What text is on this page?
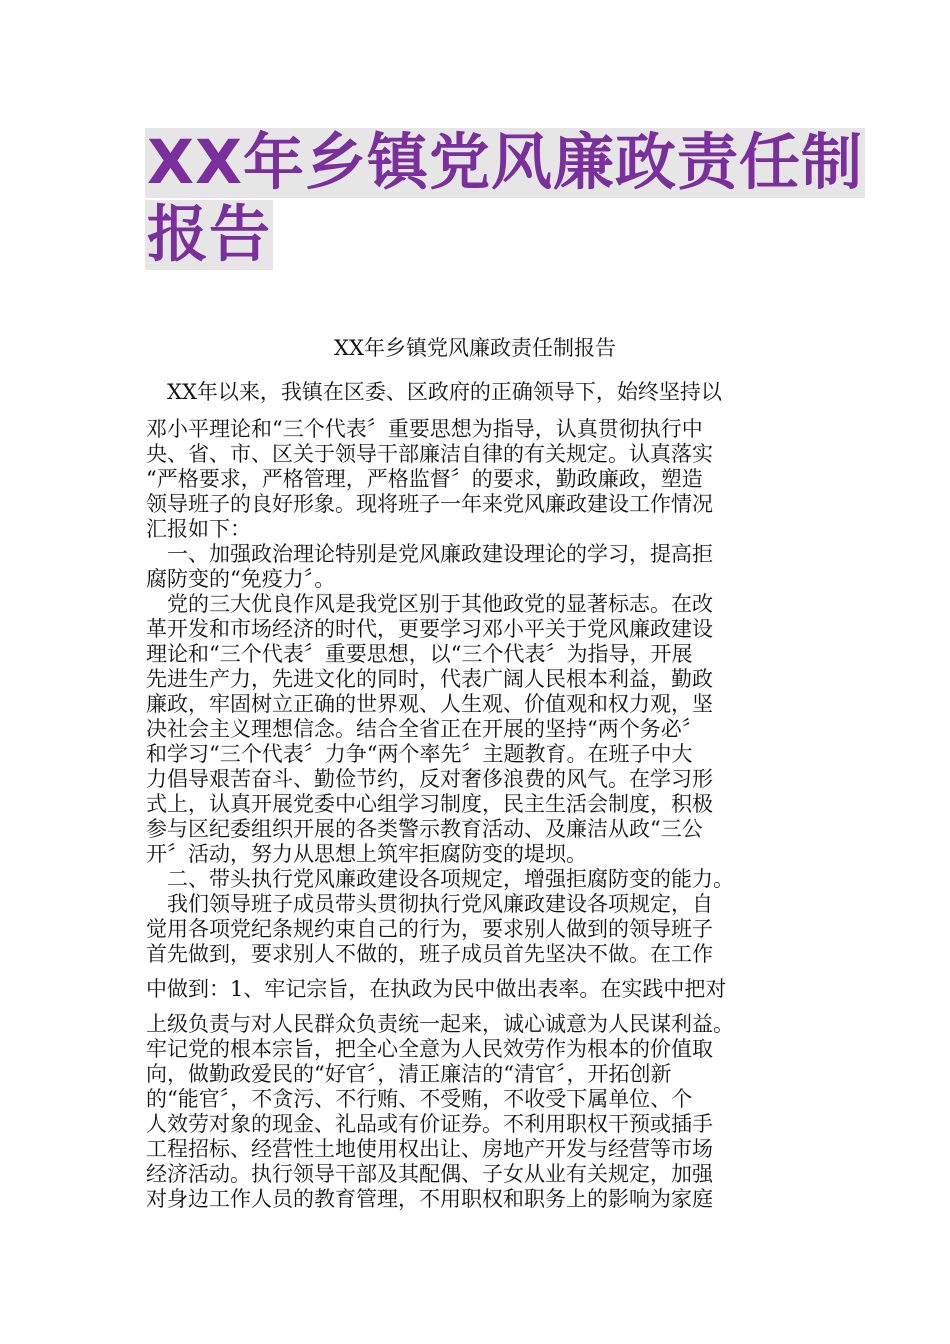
XX年乡镇党风廉政责任制
报告
XX年乡镇党风廉政责任制报告

　XX年以来，我镇在区委、区政府的正确领导下，始终坚持以

邓小平理论和“三个代表〞重要思想为指导，认真贯彻执行中

央、省、市、区关于领导干部廉洁自律的有关规定。认真落实

“严格要求，严格管理，严格监督〞的要求，勤政廉政，塑造

领导班子的良好形象。现将班子一年来党风廉政建设工作情况

汇报如下：

　一、加强政治理论特别是党风廉政建设理论的学习，提高拒

腐防变的“免疫力〞。

　党的三大优良作风是我党区别于其他政党的显著标志。在改

革开发和市场经济的时代，更要学习邓小平关于党风廉政建设

理论和“三个代表〞重要思想，以“三个代表〞为指导，开展

先进生产力，先进文化的同时，代表广阔人民根本利益，勤政

廉政，牢固树立正确的世界观、人生观、价值观和权力观，坚

决社会主义理想信念。结合全省正在开展的坚持“两个务必〞

和学习“三个代表〞力争“两个率先〞主题教育。在班子中大

力倡导艰苦奋斗、勤俭节约，反对奢侈浪费的风气。在学习形

式上，认真开展党委中心组学习制度，民主生活会制度，积极

参与区纪委组织开展的各类警示教育活动、及廉洁从政“三公

开〞活动，努力从思想上筑牢拒腐防变的堤坝。

　二、带头执行党风廉政建设各项规定，增强拒腐防变的能力。

　我们领导班子成员带头贯彻执行党风廉政建设各项规定，自

觉用各项党纪条规约束自己的行为，要求别人做到的领导班子

首先做到，要求别人不做的，班子成员首先坚决不做。在工作

中做到：1、牢记宗旨，在执政为民中做出表率。在实践中把对

上级负责与对人民群众负责统一起来，诚心诚意为人民谋利益。

牢记党的根本宗旨，把全心全意为人民效劳作为根本的价值取

向，做勤政爱民的“好官〞，清正廉洁的“清官〞，开拓创新

的“能官〞，不贪污、不行贿、不受贿，不收受下属单位、个

人效劳对象的现金、礼品或有价证券。不利用职权干预或插手

工程招标、经营性土地使用权出让、房地产开发与经营等市场

经济活动。执行领导干部及其配偶、子女从业有关规定，加强

对身边工作人员的教育管理，不用职权和职务上的影响为家庭
